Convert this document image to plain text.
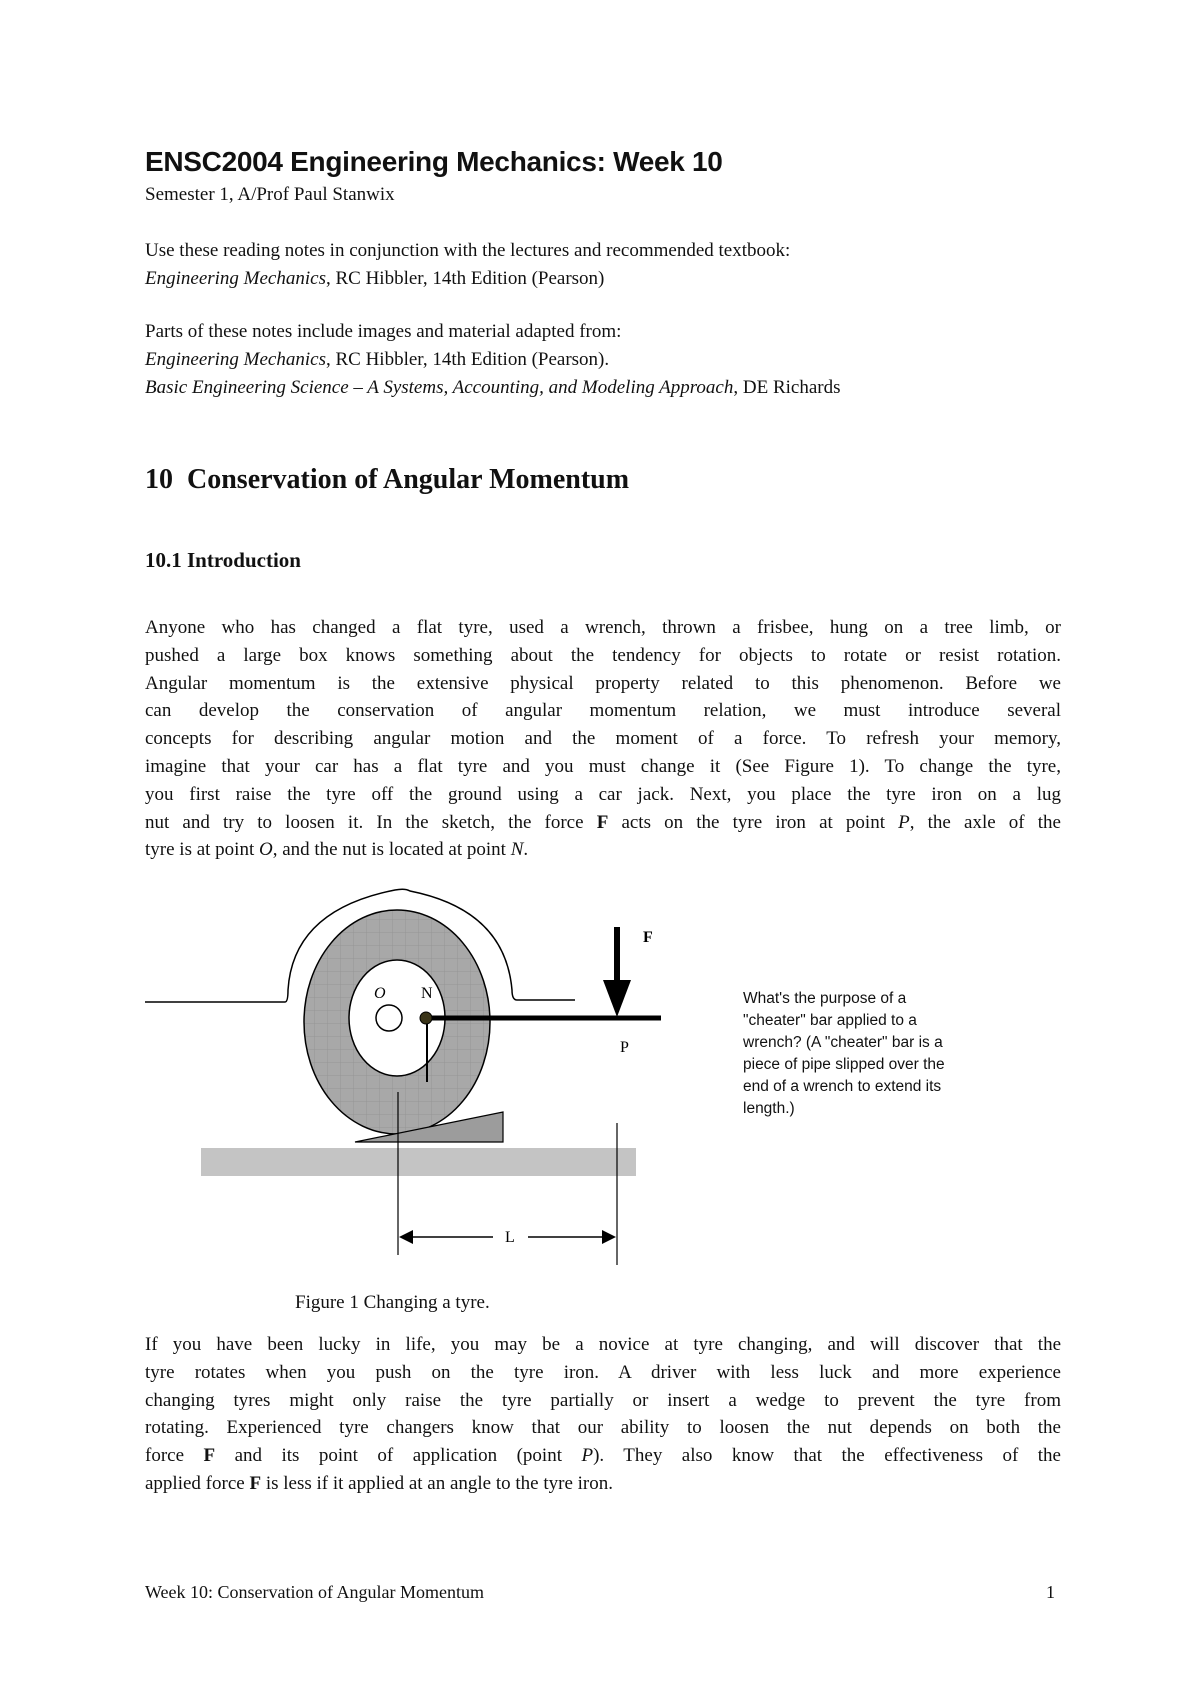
ENSC2004 Engineering Mechanics: Week 10
Semester 1, A/Prof Paul Stanwix
Use these reading notes in conjunction with the lectures and recommended textbook:
Engineering Mechanics, RC Hibbler, 14th Edition (Pearson)
Parts of these notes include images and material adapted from:
Engineering Mechanics, RC Hibbler, 14th Edition (Pearson).
Basic Engineering Science – A Systems, Accounting, and Modeling Approach, DE Richards
10  Conservation of Angular Momentum
10.1 Introduction
Anyone who has changed a flat tyre, used a wrench, thrown a frisbee, hung on a tree limb, or
pushed a large box knows something about the tendency for objects to rotate or resist rotation.
Angular momentum is the extensive physical property related to this phenomenon. Before we
can develop the conservation of angular momentum relation, we must introduce several
concepts for describing angular motion and the moment of a force. To refresh your memory,
imagine that your car has a flat tyre and you must change it (See Figure 1). To change the tyre,
you first raise the tyre off the ground using a car jack. Next, you place the tyre iron on a lug
nut and try to loosen it. In the sketch, the force F acts on the tyre iron at point P, the axle of the
tyre is at point O, and the nut is located at point N.
F
O N
P
L
What's the purpose of a
"cheater" bar applied to a
wrench? (A "cheater" bar is a
piece of pipe slipped over the
end of a wrench to extend its
length.)
Figure 1 Changing a tyre.
If you have been lucky in life, you may be a novice at tyre changing, and will discover that the
tyre rotates when you push on the tyre iron. A driver with less luck and more experience
changing tyres might only raise the tyre partially or insert a wedge to prevent the tyre from
rotating. Experienced tyre changers know that our ability to loosen the nut depends on both the
force F and its point of application (point P). They also know that the effectiveness of the
applied force F is less if it applied at an angle to the tyre iron.
Week 10: Conservation of Angular Momentum	1
